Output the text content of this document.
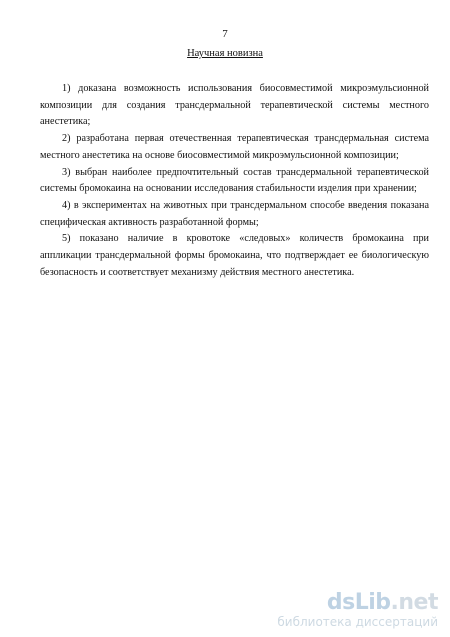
7
Научная новизна

1) доказана возможность использования биосовместимой микроэмульсионной композиции для создания трансдермальной терапевтической системы местного анестетика;

2) разработана первая отечественная терапевтическая трансдермальная система местного анестетика на основе биосовместимой микроэмульсионной композиции;

3) выбран наиболее предпочтительный состав трансдермальной терапевтической системы бромокаина на основании исследования стабильности изделия при хранении;

4) в экспериментах на животных при трансдермальном способе введения показана специфическая активность разработанной формы;

5) показано наличие в кровотоке «следовых» количеств бромокаина при аппликации трансдермальной формы бромокаина, что подтверждает ее биологическую безопасность и соответствует механизму действия местного анестетика.

dsLib.net
библиотека диссертаций
